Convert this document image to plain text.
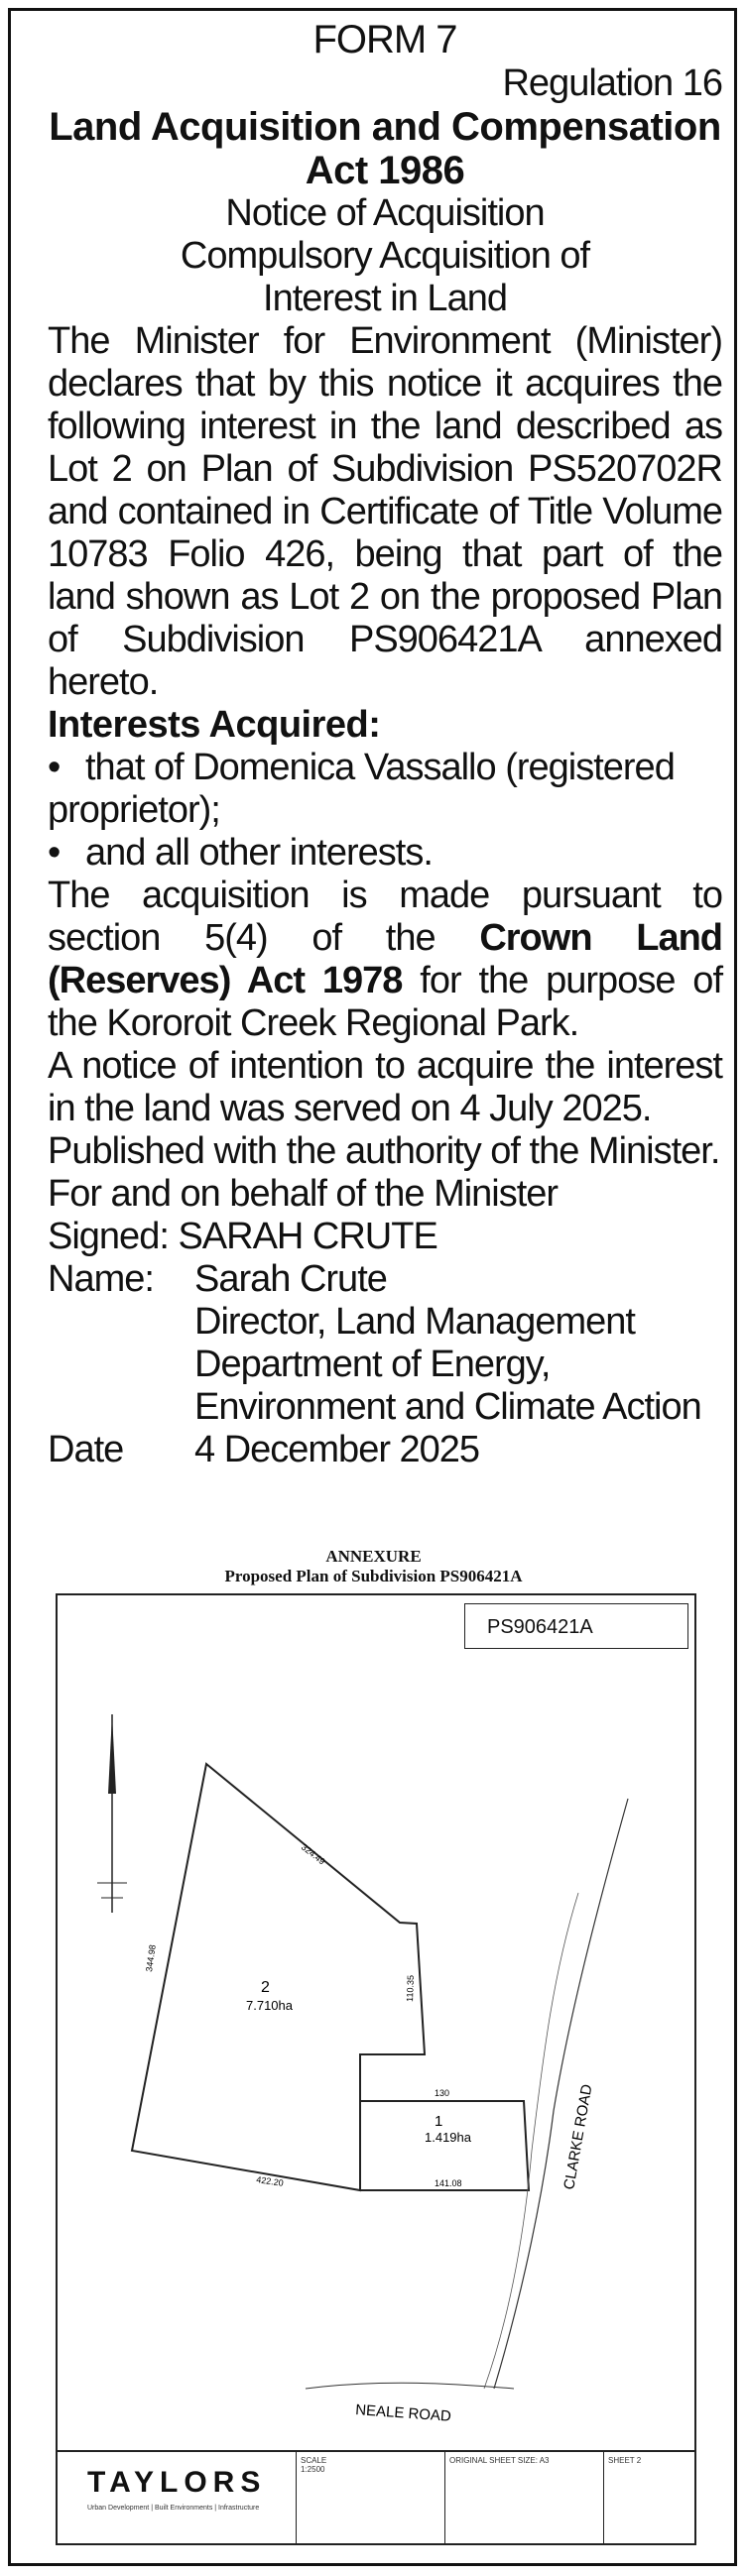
FORM 7
Regulation 16
Land Acquisition and Compensation
Act 1986
Notice of Acquisition
Compulsory Acquisition of
Interest in Land

The Minister for Environment (Minister) declares that by this notice it acquires the following interest in the land described as Lot 2 on Plan of Subdivision PS520702R and contained in Certificate of Title Volume 10783 Folio 426, being that part of the land shown as Lot 2 on the proposed Plan of Subdivision PS906421A annexed hereto.

Interests Acquired:
• that of Domenica Vassallo (registered proprietor);
• and all other interests.

The acquisition is made pursuant to section 5(4) of the Crown Land (Reserves) Act 1978 for the purpose of the Kororoit Creek Regional Park.

A notice of intention to acquire the interest in the land was served on 4 July 2025.

Published with the authority of the Minister.

For and on behalf of the Minister
Signed: SARAH CRUTE
Name:	Sarah Crute
Director, Land Management
Department of Energy, Environment and Climate Action
Date	4 December 2025
ANNEXURE
Proposed Plan of Subdivision PS906421A
PS906421A
2
7.710ha
1
1.419ha
324.49
344.98
422.20
110.35
130
141.08	CLARKE ROAD
NEALE ROAD
TAYLORS
Urban Development | Built Environments | Infrastructure
SCALE
1:2500
ORIGINAL SHEET SIZE: A3	SHEET 2
